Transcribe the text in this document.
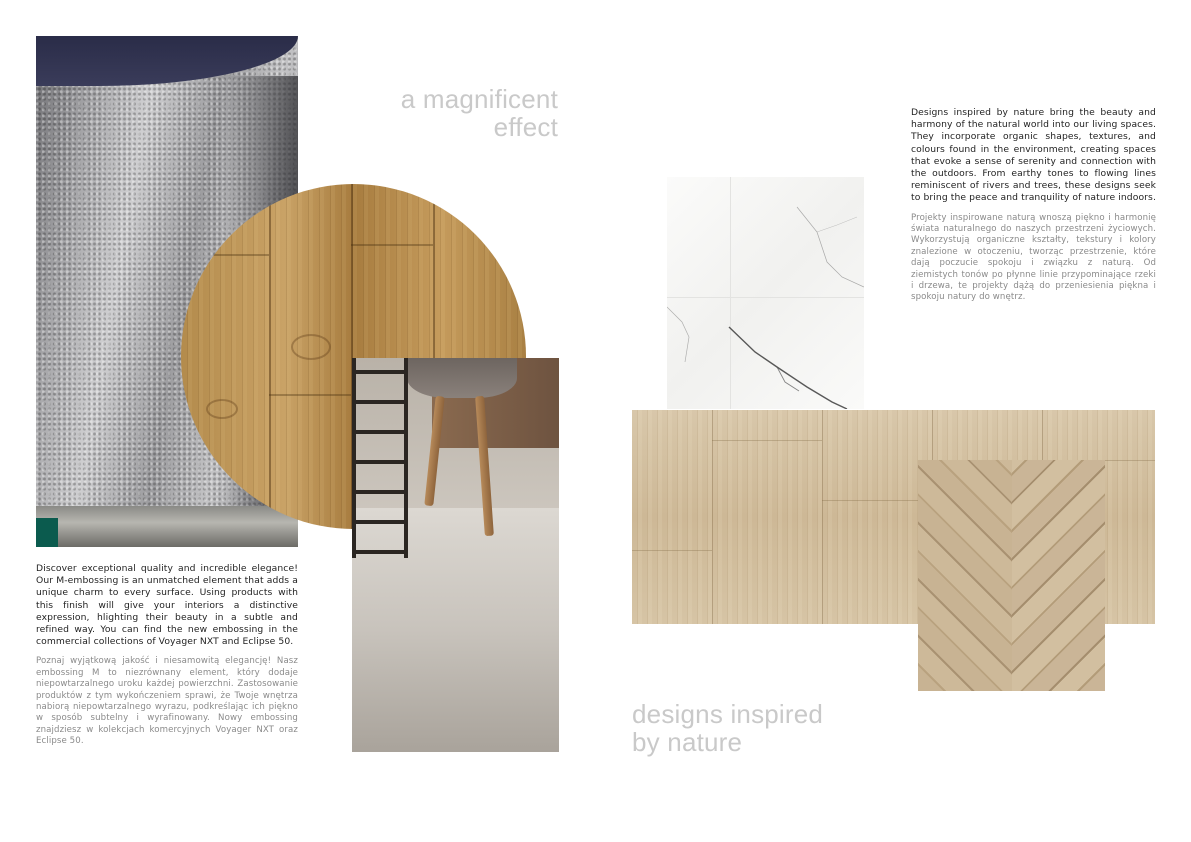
a magnificent

effect

Discover exceptional quality and incredible elegance! Our M-embossing is an unmatched element that adds a unique charm to every surface. Using products with this finish will give your interiors a distinctive expression, hlighting their beauty in a subtle and refined way. You can find the new embossing in the commercial collections of Voyager NXT and Eclipse 50.

Poznaj wyjątkową jakość i niesamowitą elegancję! Nasz embossing M to niezrównany element, który dodaje niepowtarzalnego uroku każdej powierzchni. Zastosowanie produktów z tym wykończeniem sprawi, że Twoje wnętrza nabiorą niepowtarzalnego wyrazu, podkreślając ich piękno w sposób subtelny i wyrafinowany. Nowy embossing znajdziesz w kolekcjach komercyjnych Voyager NXT oraz Eclipse 50.

Designs inspired by nature bring the beauty and harmony of the natural world into our living spaces. They incorporate organic shapes, textures, and colours found in the environment, creating spaces that evoke a sense of serenity and connection with the outdoors. From earthy tones to flowing lines reminiscent of rivers and trees, these designs seek to bring the peace and tranquility of nature indoors.

Projekty inspirowane naturą wnoszą piękno i harmonię świata naturalnego do naszych przestrzeni życiowych. Wykorzystują organiczne kształty, tekstury i kolory znalezione w otoczeniu, tworząc przestrzenie, które dają poczucie spokoju i związku z naturą. Od ziemistych tonów po płynne linie przypominające rzeki i drzewa, te projekty dążą do przeniesienia piękna i spokoju natury do wnętrz.

designs inspired

by nature
